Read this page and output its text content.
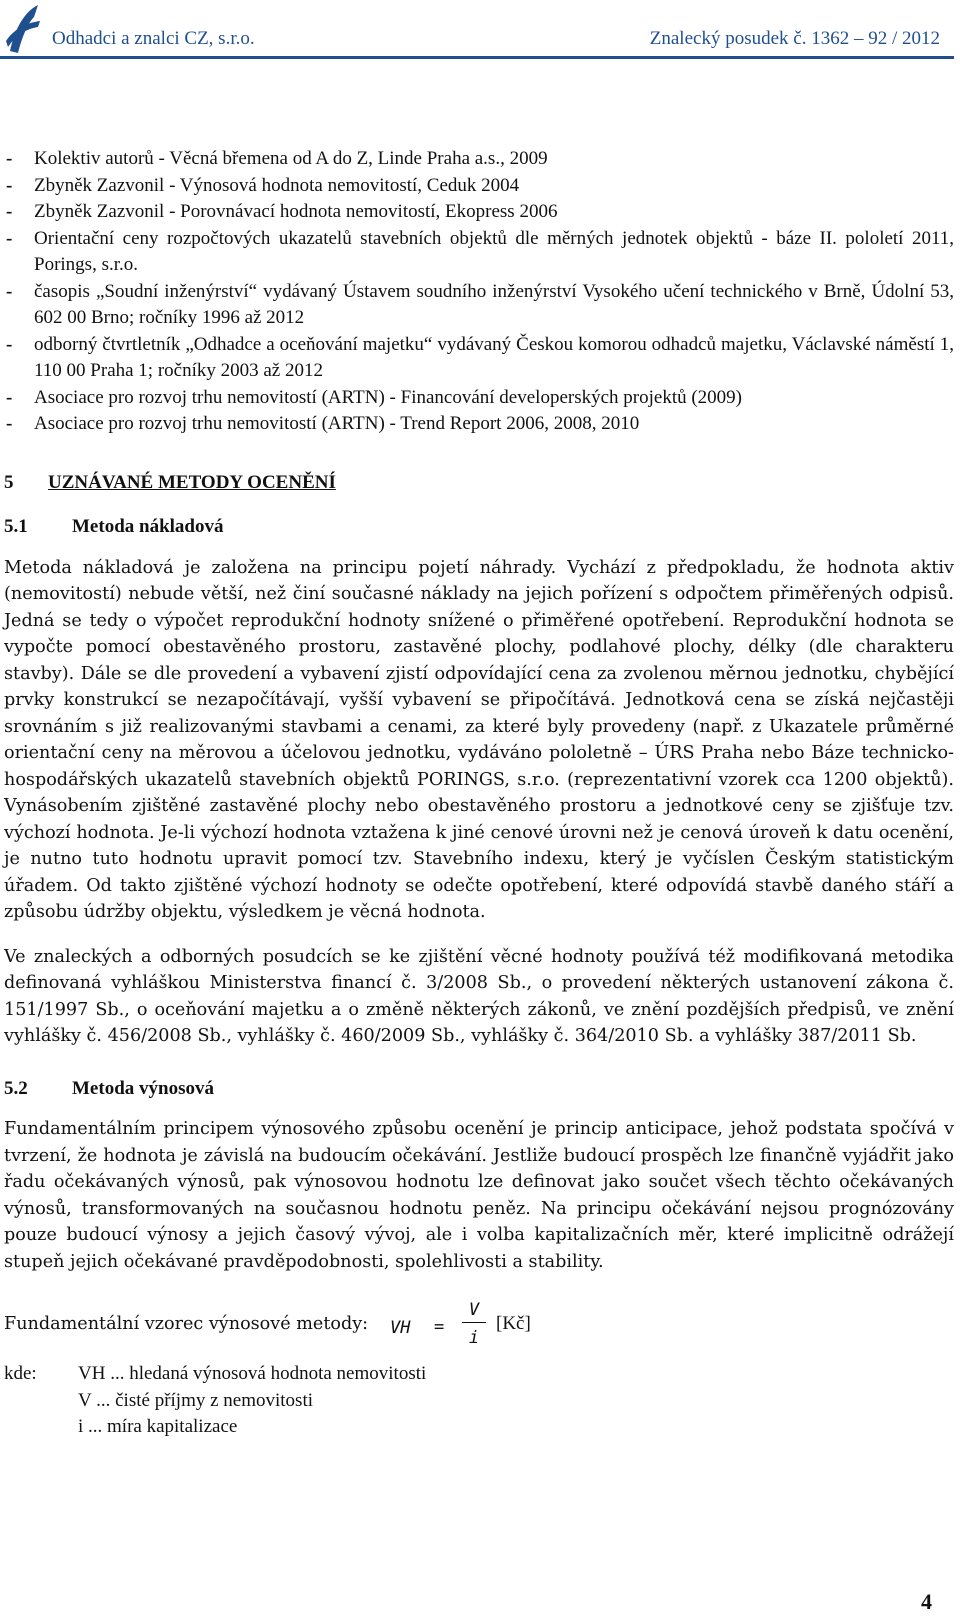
Odhadci a znalci CZ, s.r.o.	Znalecký posudek č. 1362 – 92 / 2012
- Kolektiv autorů - Věcná břemena od A do Z, Linde Praha a.s., 2009
- Zbyněk Zazvonil - Výnosová hodnota nemovitostí, Ceduk 2004
- Zbyněk Zazvonil - Porovnávací hodnota nemovitostí, Ekopress 2006
- Orientační ceny rozpočtových ukazatelů stavebních objektů dle měrných jednotek objektů - báze II. pololetí 2011, Porings, s.r.o.
- časopis „Soudní inženýrství“ vydávaný Ústavem soudního inženýrství Vysokého učení technického v Brně, Údolní 53, 602 00 Brno; ročníky 1996 až 2012
- odborný čtvrtletník „Odhadce a oceňování majetku“ vydávaný Českou komorou odhadců majetku, Václavské náměstí 1, 110 00 Praha 1; ročníky 2003 až 2012
- Asociace pro rozvoj trhu nemovitostí (ARTN) - Financování developerských projektů (2009)
- Asociace pro rozvoj trhu nemovitostí (ARTN) - Trend Report 2006, 2008, 2010
5 UZNÁVANÉ METODY OCENĚNÍ
5.1 Metoda nákladová

Metoda nákladová je založena na principu pojetí náhrady. Vychází z předpokladu, že hodnota aktiv (nemovitostí) nebude větší, než činí současné náklady na jejich pořízení s odpočtem přiměřených odpisů. Jedná se tedy o výpočet reprodukční hodnoty snížené o přiměřené opotřebení. Reprodukční hodnota se vypočte pomocí obestavěného prostoru, zastavěné plochy, podlahové plochy, délky (dle charakteru stavby). Dále se dle provedení a vybavení zjistí odpovídající cena za zvolenou měrnou jednotku, chybějící prvky konstrukcí se nezapočítávají, vyšší vybavení se připočítává. Jednotková cena se získá nejčastěji srovnáním s již realizovanými stavbami a cenami, za které byly provedeny (např. z Ukazatele průměrné orientační ceny na měrovou a účelovou jednotku, vydáváno pololetně – ÚRS Praha nebo Báze technicko-hospodářských ukazatelů stavebních objektů PORINGS, s.r.o. (reprezentativní vzorek cca 1200 objektů). Vynásobením zjištěné zastavěné plochy nebo obestavěného prostoru a jednotkové ceny se zjišťuje tzv. výchozí hodnota. Je-li výchozí hodnota vztažena k jiné cenové úrovni než je cenová úroveň k datu ocenění, je nutno tuto hodnotu upravit pomocí tzv. Stavebního indexu, který je vyčíslen Českým statistickým úřadem. Od takto zjištěné výchozí hodnoty se odečte opotřebení, které odpovídá stavbě daného stáří a způsobu údržby objektu, výsledkem je věcná hodnota.

Ve znaleckých a odborných posudcích se ke zjištění věcné hodnoty používá též modifikovaná metodika definovaná vyhláškou Ministerstva financí č. 3/2008 Sb., o provedení některých ustanovení zákona č. 151/1997 Sb., o oceňování majetku a o změně některých zákonů, ve znění pozdějších předpisů, ve znění vyhlášky č. 456/2008 Sb., vyhlášky č. 460/2009 Sb., vyhlášky č. 364/2010 Sb. a vyhlášky 387/2011 Sb.

5.2 Metoda výnosová

Fundamentálním principem výnosového způsobu ocenění je princip anticipace, jehož podstata spočívá v tvrzení, že hodnota je závislá na budoucím očekávání. Jestliže budoucí prospěch lze finančně vyjádřit jako řadu očekávaných výnosů, pak výnosovou hodnotu lze definovat jako součet všech těchto očekávaných výnosů, transformovaných na současnou hodnotu peněz. Na principu očekávání nejsou prognózovány pouze budoucí výnosy a jejich časový vývoj, ale i volba kapitalizačních měr, které implicitně odrážejí stupeň jejich očekávané pravděpodobnosti, spolehlivosti a stability.

Fundamentální vzorec výnosové metody: VH =
V
i
[Kč]
kde: VH ... hledaná výnosová hodnota nemovitosti
V ... čisté příjmy z nemovitosti
i ... míra kapitalizace
4
